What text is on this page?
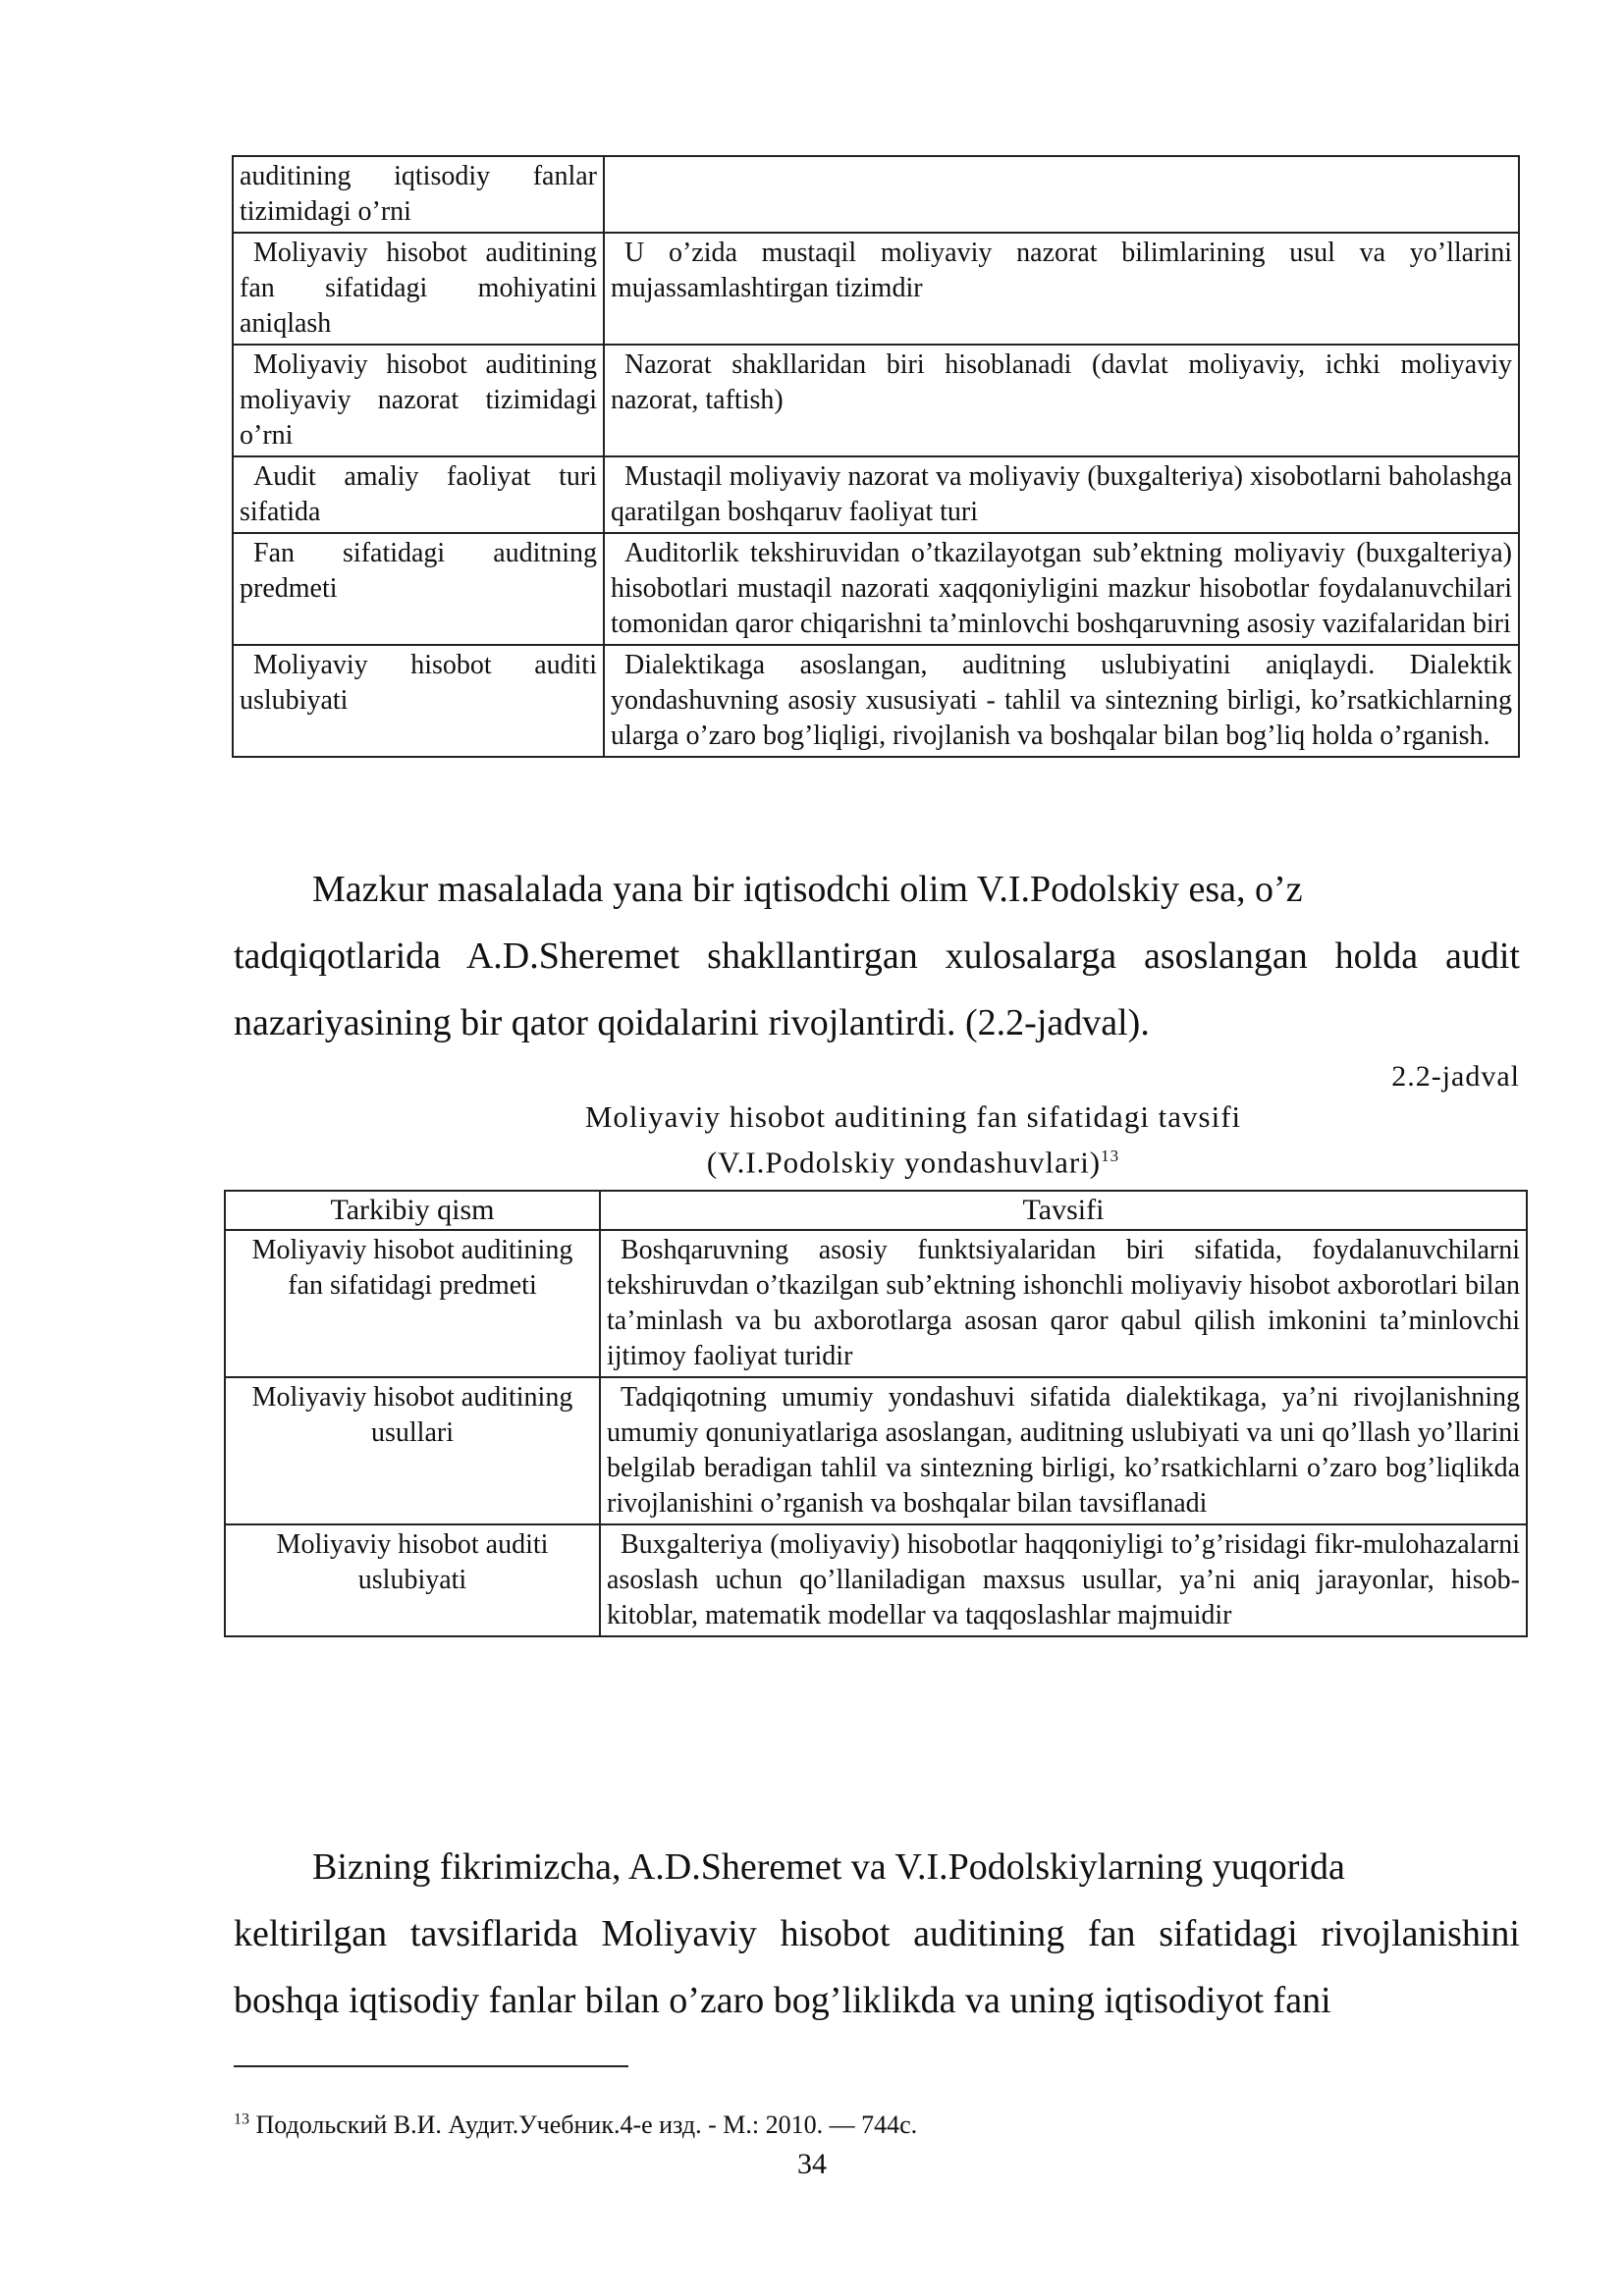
auditining iqtisodiy fanlar tizimidagi o’rni	
Moliyaviy hisobot auditining fan sifatidagi mohiyatini aniqlash	U o’zida mustaqil moliyaviy nazorat bilimlarining usul va yo’llarini mujassamlashtirgan tizimdir
Moliyaviy hisobot auditining moliyaviy nazorat tizimidagi o’rni	Nazorat shakllaridan biri hisoblanadi (davlat moliyaviy, ichki moliyaviy nazorat, taftish)
Audit amaliy faoliyat turi sifatida	Mustaqil moliyaviy nazorat va moliyaviy (buxgalteriya) xisobotlarni baholashga qaratilgan boshqaruv faoliyat turi
Fan sifatidagi auditning predmeti	Auditorlik tekshiruvidan o’tkazilayotgan sub’ektning moliyaviy (buxgalteriya) hisobotlari mustaqil nazorati xaqqoniyligini mazkur hisobotlar foydalanuvchilari tomonidan qaror chiqarishni ta’minlovchi boshqaruvning asosiy vazifalaridan biri
Moliyaviy hisobot auditi uslubiyati	Dialektikaga asoslangan, auditning uslubiyatini aniqlaydi. Dialektik yondashuvning asosiy xususiyati - tahlil va sintezning birligi, ko’rsatkichlarning ularga o’zaro bog’liqligi, rivojlanish va boshqalar bilan bog’liq holda o’rganish.

Mazkur masalalada yana bir iqtisodchi olim V.I.Podolskiy esa, o’z
tadqiqotlarida A.D.Sheremet shakllantirgan xulosalarga asoslangan holda audit nazariyasining bir qator qoidalarini rivojlantirdi. (2.2-jadval).

2.2-jadval
Moliyaviy hisobot auditining fan sifatidagi tavsifi
(V.I.Podolskiy yondashuvlari)$^{13}$
Tarkibiy qism	Tavsifi
Moliyaviy hisobot auditining fan sifatidagi predmeti	Boshqaruvning asosiy funktsiyalaridan biri sifatida, foydalanuvchilarni tekshiruvdan o’tkazilgan sub’ektning ishonchli moliyaviy hisobot axborotlari bilan ta’minlash va bu axborotlarga asosan qaror qabul qilish imkonini ta’minlovchi ijtimoy faoliyat turidir
Moliyaviy hisobot auditining usullari	Tadqiqotning umumiy yondashuvi sifatida dialektikaga, ya’ni rivojlanishning umumiy qonuniyatlariga asoslangan, auditning uslubiyati va uni qo’llash yo’llarini belgilab beradigan tahlil va sintezning birligi, ko’rsatkichlarni o’zaro bog’liqlikda rivojlanishini o’rganish va boshqalar bilan tavsiflanadi
Moliyaviy hisobot auditi uslubiyati	Buxgalteriya (moliyaviy) hisobotlar haqqoniyligi to’g’risidagi fikr-mulohazalarni asoslash uchun qo’llaniladigan maxsus usullar, ya’ni aniq jarayonlar, hisob-kitoblar, matematik modellar va taqqoslashlar majmuidir

Bizning fikrimizcha, A.D.Sheremet va V.I.Podolskiylarning yuqorida
keltirilgan tavsiflarida Moliyaviy hisobot auditining fan sifatidagi rivojlanishini boshqa iqtisodiy fanlar bilan o’zaro bog’liklikda va uning iqtisodiyot fani

$^{13}$ Подольский В.И. Аудит.Учебник.4-е изд. - М.: 2010. — 744с.
34
